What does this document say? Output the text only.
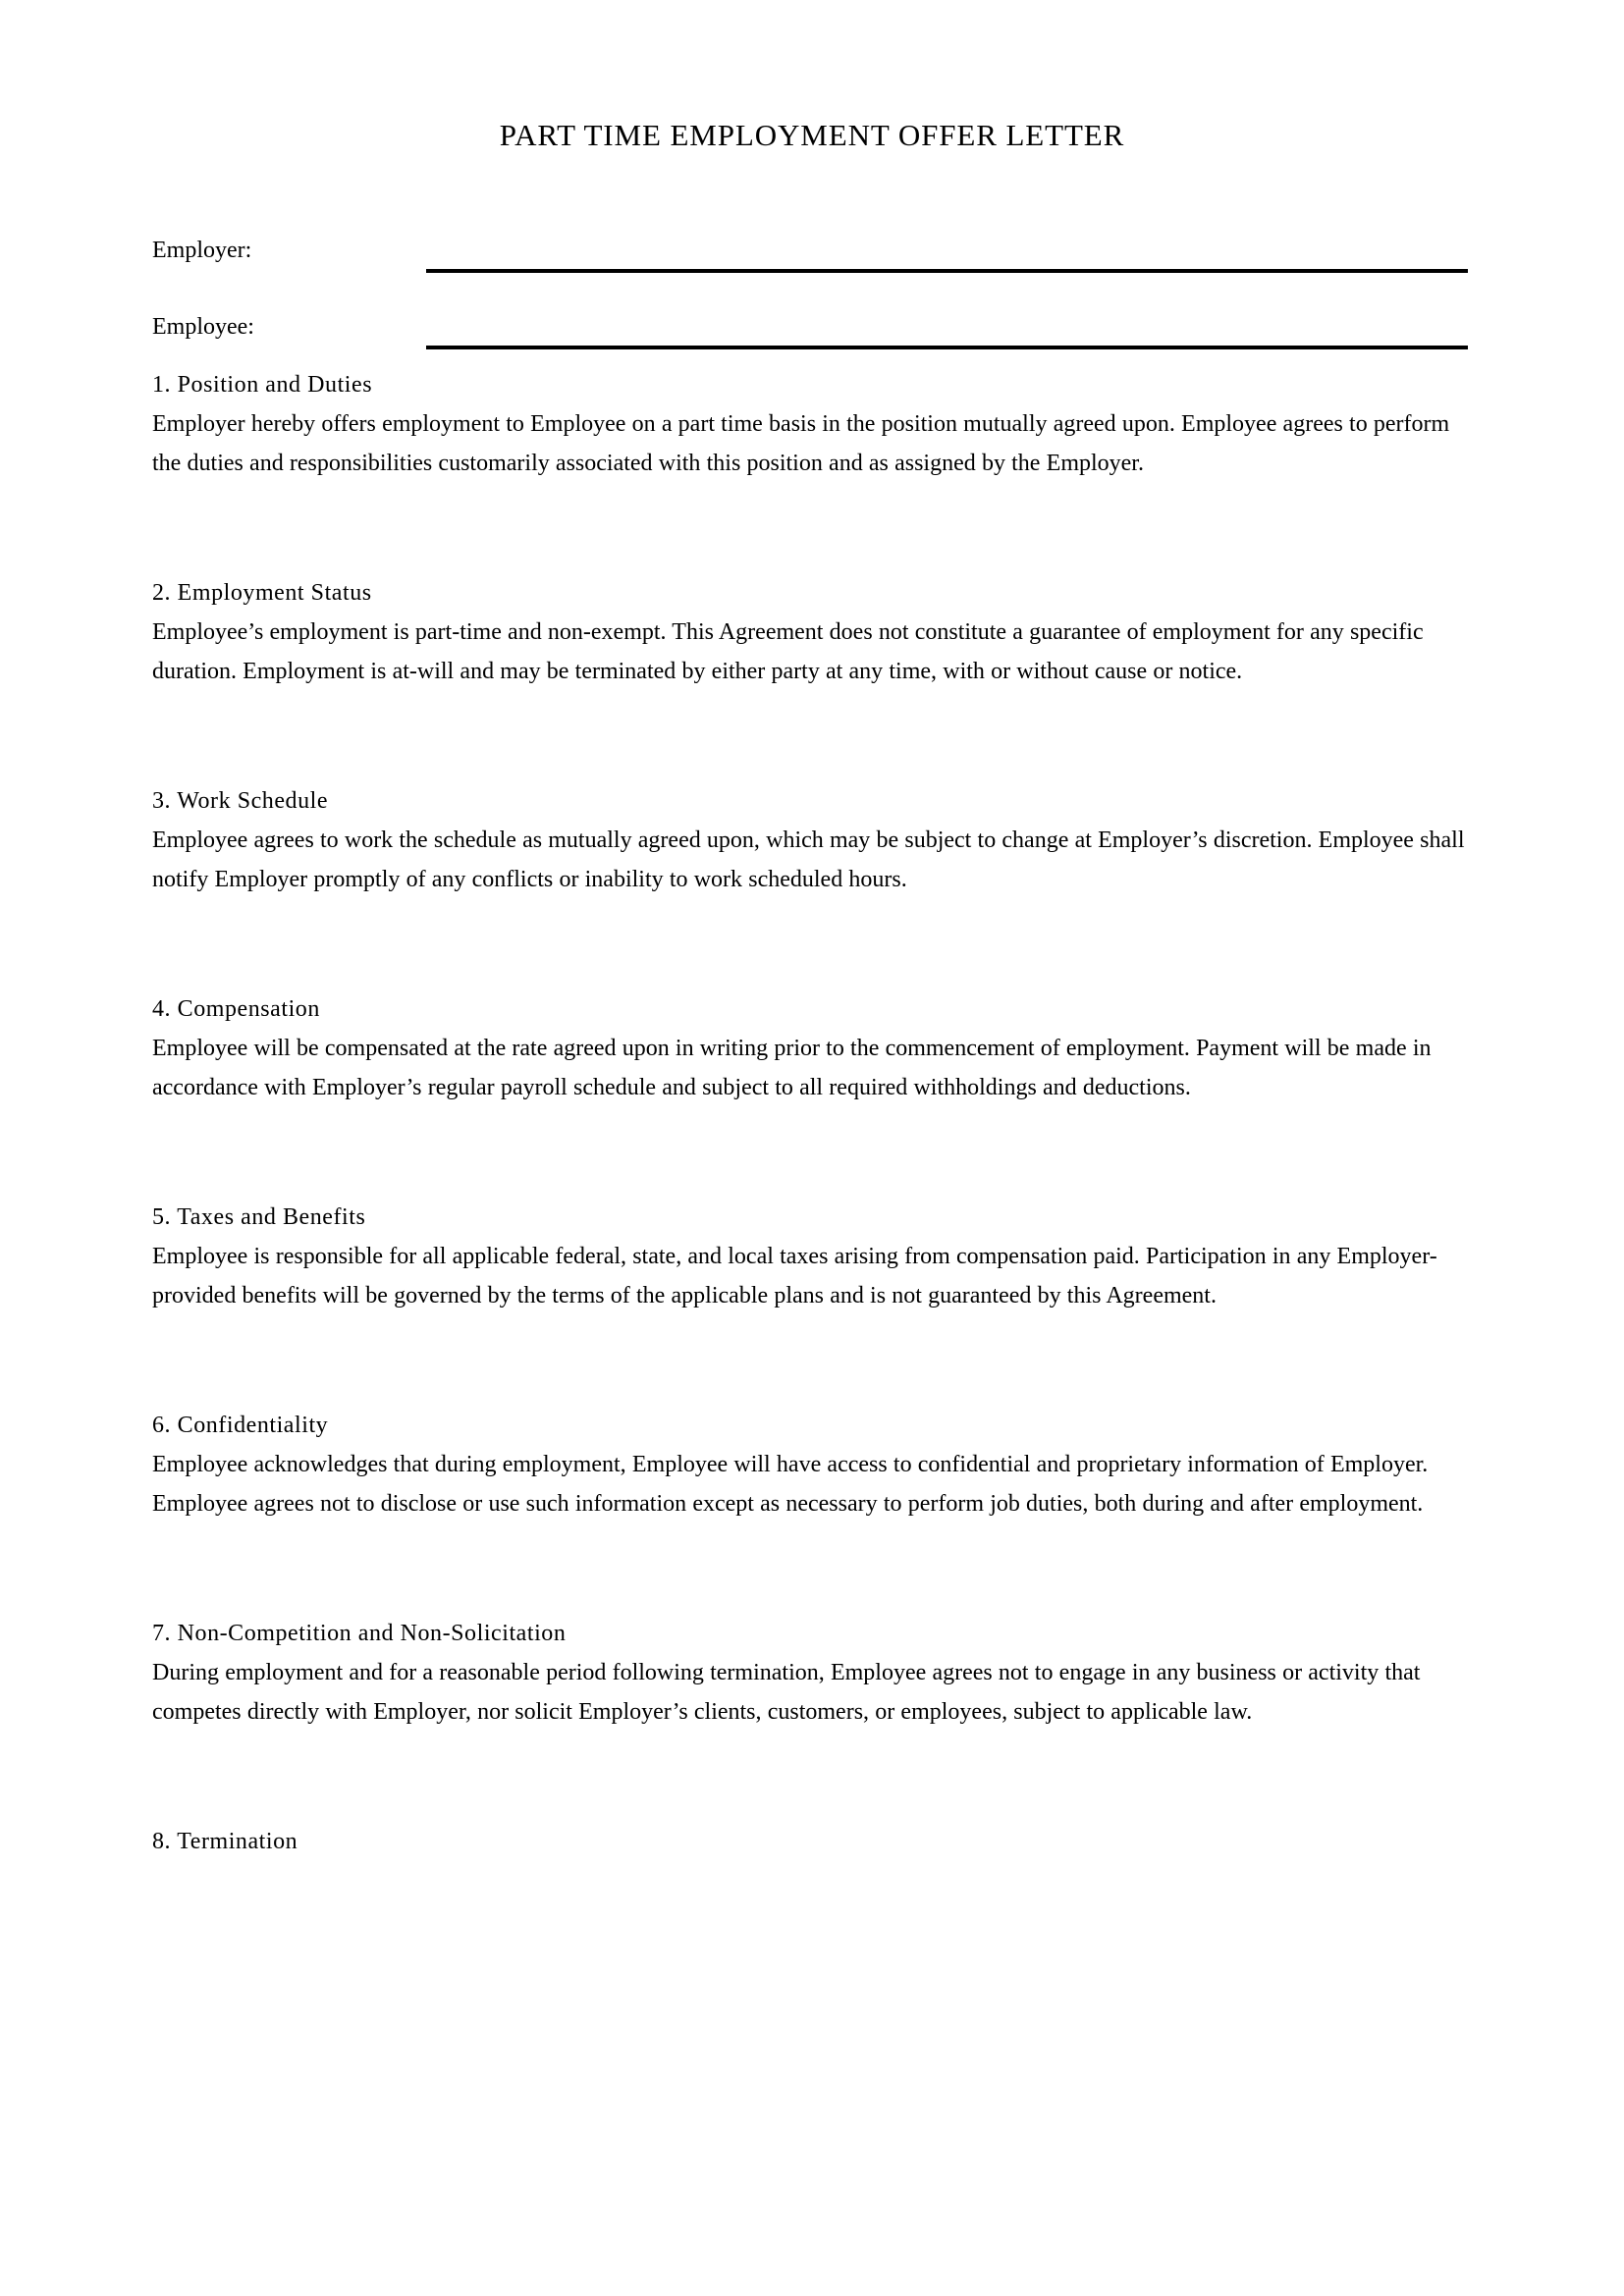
PART TIME EMPLOYMENT OFFER LETTER
Employer:
Employee:
1. Position and Duties

Employer hereby offers employment to Employee on a part time basis in the position mutually agreed upon. Employee agrees to perform the duties and responsibilities customarily associated with this position and as assigned by the Employer.

2. Employment Status

Employee’s employment is part-time and non-exempt. This Agreement does not constitute a guarantee of employment for any specific duration. Employment is at-will and may be terminated by either party at any time, with or without cause or notice.

3. Work Schedule

Employee agrees to work the schedule as mutually agreed upon, which may be subject to change at Employer’s discretion. Employee shall notify Employer promptly of any conflicts or inability to work scheduled hours.

4. Compensation

Employee will be compensated at the rate agreed upon in writing prior to the commencement of employment. Payment will be made in accordance with Employer’s regular payroll schedule and subject to all required withholdings and deductions.

5. Taxes and Benefits

Employee is responsible for all applicable federal, state, and local taxes arising from compensation paid. Participation in any Employer-provided benefits will be governed by the terms of the applicable plans and is not guaranteed by this Agreement.

6. Confidentiality

Employee acknowledges that during employment, Employee will have access to confidential and proprietary information of Employer. Employee agrees not to disclose or use such information except as necessary to perform job duties, both during and after employment.

7. Non-Competition and Non-Solicitation

During employment and for a reasonable period following termination, Employee agrees not to engage in any business or activity that competes directly with Employer, nor solicit Employer’s clients, customers, or employees, subject to applicable law.

8. Termination
